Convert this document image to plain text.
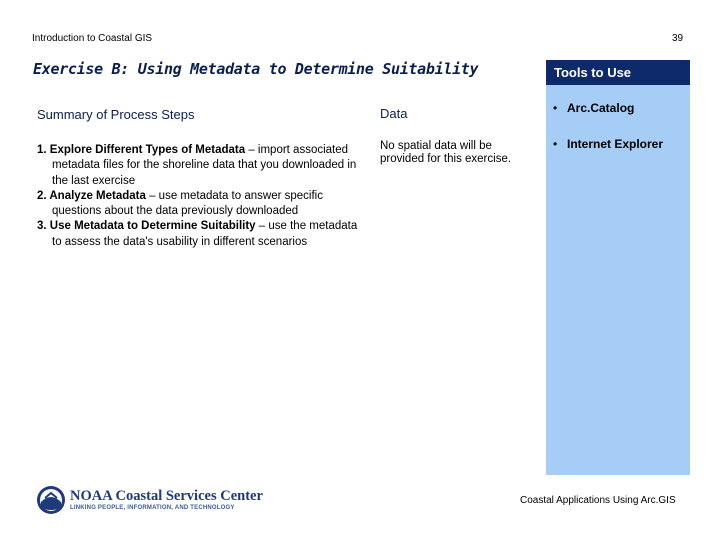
Introduction to Coastal GIS	39
Exercise B: Using Metadata to Determine Suitability
Summary of Process Steps	Data
1. Explore Different Types of Metadata – import associated metadata files for the shoreline data that you downloaded in the last exercise
2. Analyze Metadata – use metadata to answer specific questions about the data previously downloaded
3. Use Metadata to Determine Suitability – use the metadata to assess the data's usability in different scenarios
No spatial data will be provided for this exercise.
Tools to Use
• Arc.Catalog
• Internet Explorer
NOAA Coastal Services Center
LINKING PEOPLE, INFORMATION, AND TECHNOLOGY
Coastal Applications Using Arc.GIS
